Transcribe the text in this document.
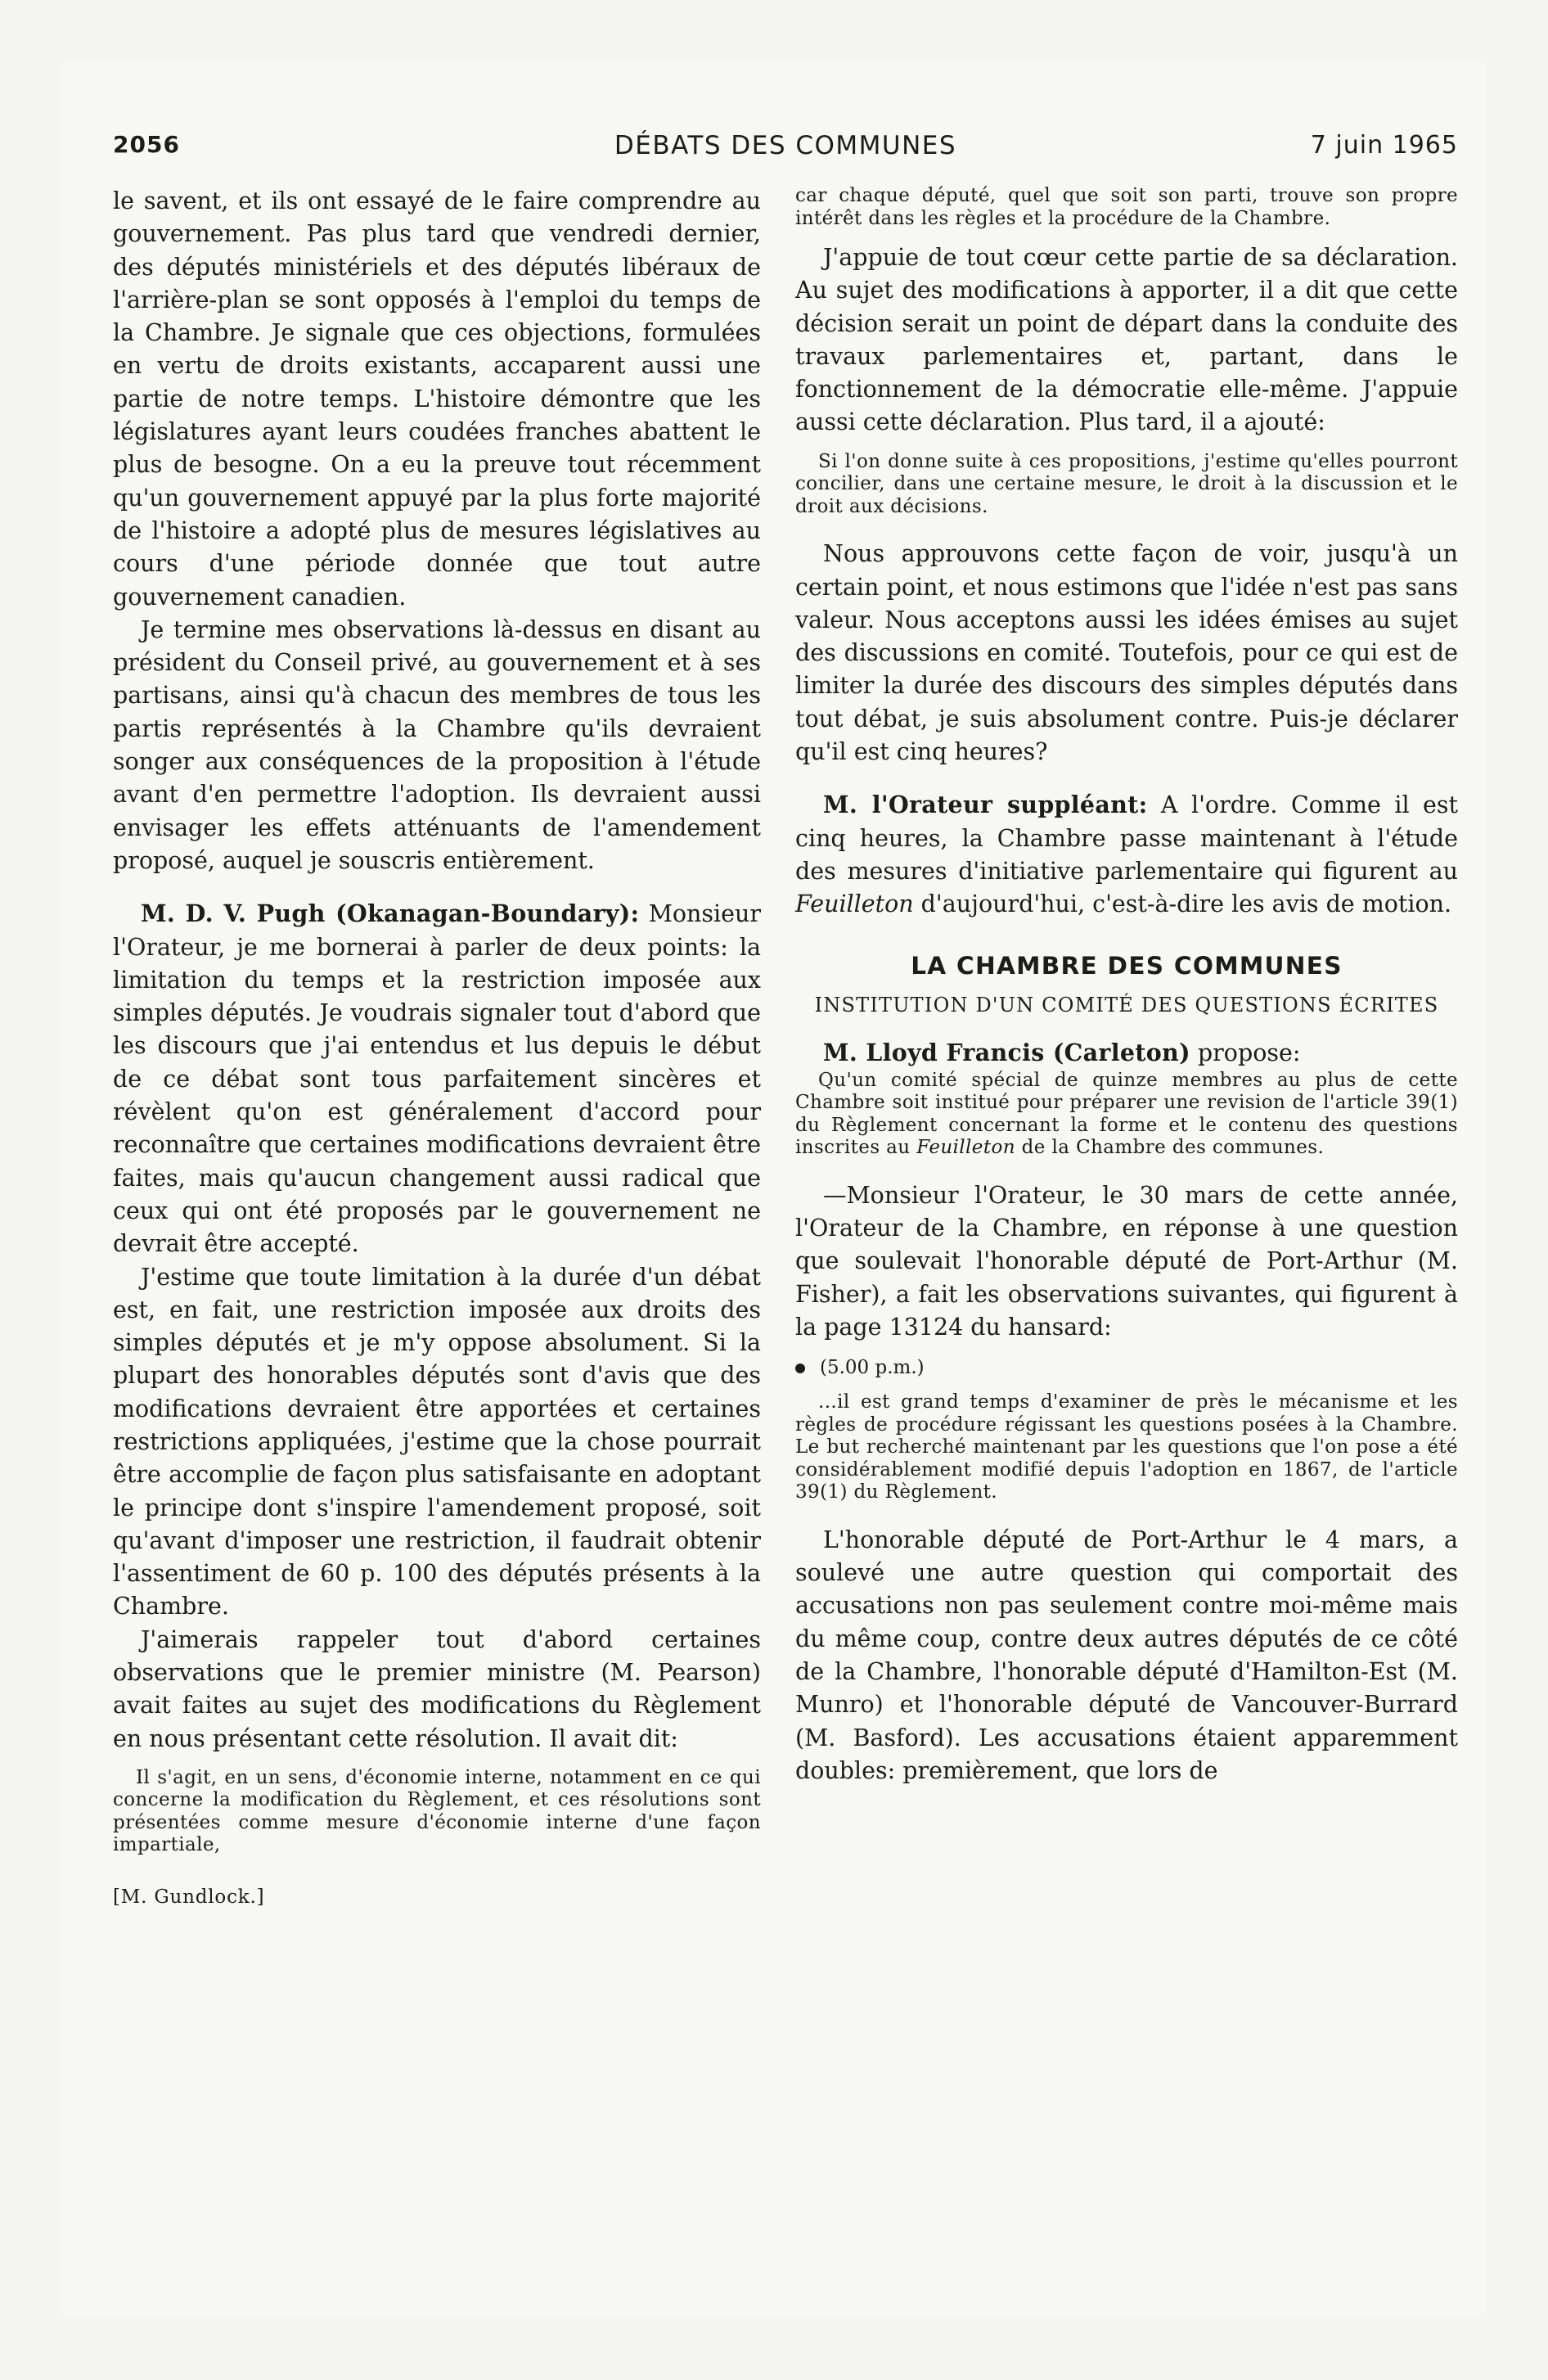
2056	DÉBATS DES COMMUNES	7 juin 1965

le savent, et ils ont essayé de le faire comprendre au gouvernement. Pas plus tard que vendredi dernier, des députés ministériels et des députés libéraux de l'arrière-plan se sont opposés à l'emploi du temps de la Chambre. Je signale que ces objections, formulées en vertu de droits existants, accaparent aussi une partie de notre temps. L'histoire démontre que les législatures ayant leurs coudées franches abattent le plus de besogne. On a eu la preuve tout récemment qu'un gouvernement appuyé par la plus forte majorité de l'histoire a adopté plus de mesures législatives au cours d'une période donnée que tout autre gouvernement canadien.

Je termine mes observations là-dessus en disant au président du Conseil privé, au gouvernement et à ses partisans, ainsi qu'à chacun des membres de tous les partis représentés à la Chambre qu'ils devraient songer aux conséquences de la proposition à l'étude avant d'en permettre l'adoption. Ils devraient aussi envisager les effets atténuants de l'amendement proposé, auquel je souscris entièrement.

M. D. V. Pugh (Okanagan-Boundary): Monsieur l'Orateur, je me bornerai à parler de deux points: la limitation du temps et la restriction imposée aux simples députés. Je voudrais signaler tout d'abord que les discours que j'ai entendus et lus depuis le début de ce débat sont tous parfaitement sincères et révèlent qu'on est généralement d'accord pour reconnaître que certaines modifications devraient être faites, mais qu'aucun changement aussi radical que ceux qui ont été proposés par le gouvernement ne devrait être accepté.

J'estime que toute limitation à la durée d'un débat est, en fait, une restriction imposée aux droits des simples députés et je m'y oppose absolument. Si la plupart des honorables députés sont d'avis que des modifications devraient être apportées et certaines restrictions appliquées, j'estime que la chose pourrait être accomplie de façon plus satisfaisante en adoptant le principe dont s'inspire l'amendement proposé, soit qu'avant d'imposer une restriction, il faudrait obtenir l'assentiment de 60 p. 100 des députés présents à la Chambre.

J'aimerais rappeler tout d'abord certaines observations que le premier ministre (M. Pearson) avait faites au sujet des modifications du Règlement en nous présentant cette résolution. Il avait dit:

Il s'agit, en un sens, d'économie interne, notamment en ce qui concerne la modification du Règlement, et ces résolutions sont présentées comme mesure d'économie interne d'une façon impartiale,

[M. Gundlock.]

car chaque député, quel que soit son parti, trouve son propre intérêt dans les règles et la procédure de la Chambre.

J'appuie de tout cœur cette partie de sa déclaration. Au sujet des modifications à apporter, il a dit que cette décision serait un point de départ dans la conduite des travaux parlementaires et, partant, dans le fonctionnement de la démocratie elle-même. J'appuie aussi cette déclaration. Plus tard, il a ajouté:

Si l'on donne suite à ces propositions, j'estime qu'elles pourront concilier, dans une certaine mesure, le droit à la discussion et le droit aux décisions.

Nous approuvons cette façon de voir, jusqu'à un certain point, et nous estimons que l'idée n'est pas sans valeur. Nous acceptons aussi les idées émises au sujet des discussions en comité. Toutefois, pour ce qui est de limiter la durée des discours des simples députés dans tout débat, je suis absolument contre. Puis-je déclarer qu'il est cinq heures?

M. l'Orateur suppléant: A l'ordre. Comme il est cinq heures, la Chambre passe maintenant à l'étude des mesures d'initiative parlementaire qui figurent au Feuilleton d'aujourd'hui, c'est-à-dire les avis de motion.

LA CHAMBRE DES COMMUNES
INSTITUTION D'UN COMITÉ DES QUESTIONS ÉCRITES

M. Lloyd Francis (Carleton) propose:

Qu'un comité spécial de quinze membres au plus de cette Chambre soit institué pour préparer une revision de l'article 39(1) du Règlement concernant la forme et le contenu des questions inscrites au Feuilleton de la Chambre des communes.

—Monsieur l'Orateur, le 30 mars de cette année, l'Orateur de la Chambre, en réponse à une question que soulevait l'honorable député de Port-Arthur (M. Fisher), a fait les observations suivantes, qui figurent à la page 13124 du hansard:

(5.00 p.m.)

...il est grand temps d'examiner de près le mécanisme et les règles de procédure régissant les questions posées à la Chambre. Le but recherché maintenant par les questions que l'on pose a été considérablement modifié depuis l'adoption en 1867, de l'article 39(1) du Règlement.

L'honorable député de Port-Arthur le 4 mars, a soulevé une autre question qui comportait des accusations non pas seulement contre moi-même mais du même coup, contre deux autres députés de ce côté de la Chambre, l'honorable député d'Hamilton-Est (M. Munro) et l'honorable député de Vancouver-Burrard (M. Basford). Les accusations étaient apparemment doubles: premièrement, que lors de
